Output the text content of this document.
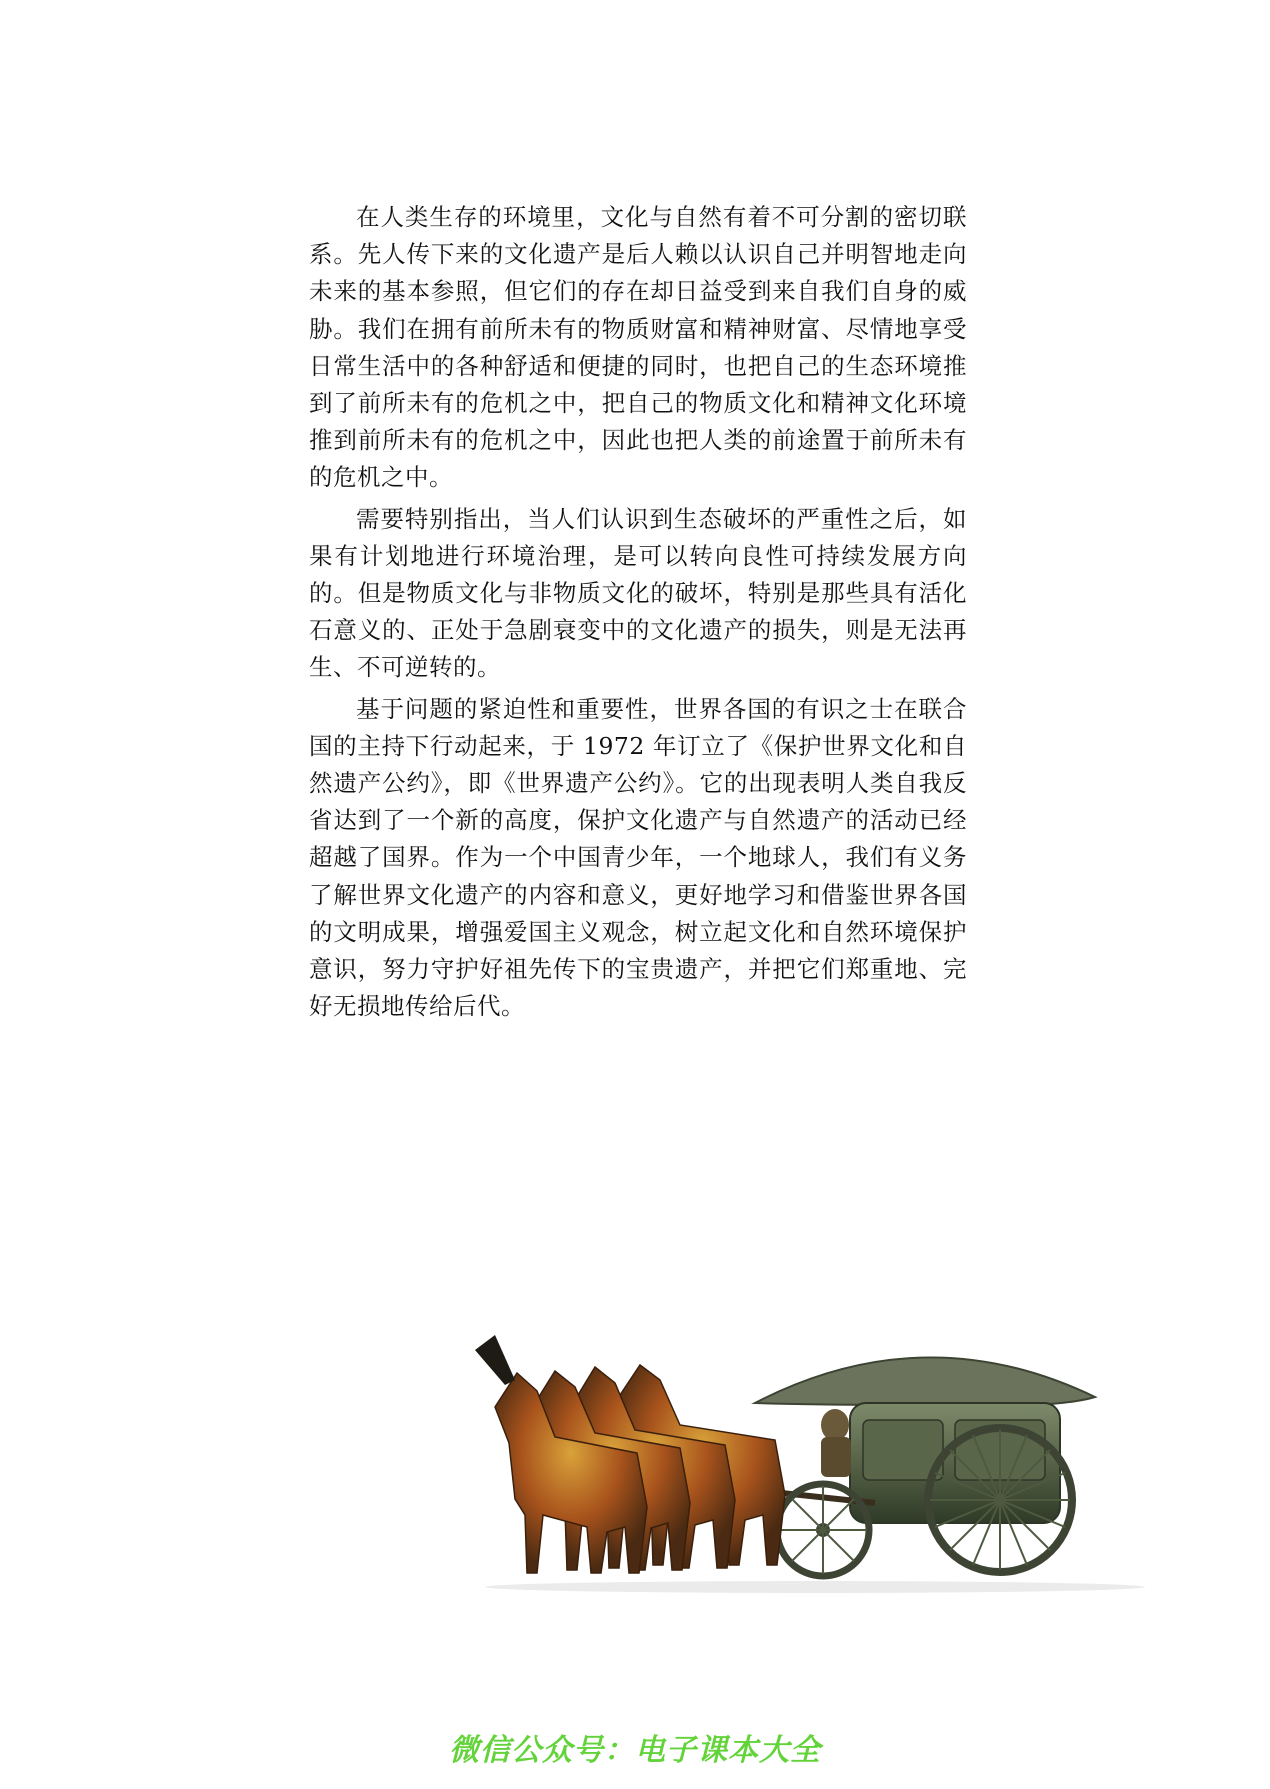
在人类生存的环境里，文化与自然有着不可分割的密切联系。先人传下来的文化遗产是后人赖以认识自己并明智地走向未来的基本参照，但它们的存在却日益受到来自我们自身的威胁。我们在拥有前所未有的物质财富和精神财富、尽情地享受日常生活中的各种舒适和便捷的同时，也把自己的生态环境推到了前所未有的危机之中，把自己的物质文化和精神文化环境推到前所未有的危机之中，因此也把人类的前途置于前所未有的危机之中。

需要特别指出，当人们认识到生态破坏的严重性之后，如果有计划地进行环境治理，是可以转向良性可持续发展方向的。但是物质文化与非物质文化的破坏，特别是那些具有活化石意义的、正处于急剧衰变中的文化遗产的损失，则是无法再生、不可逆转的。

基于问题的紧迫性和重要性，世界各国的有识之士在联合国的主持下行动起来，于 1972 年订立了《保护世界文化和自然遗产公约》，即《世界遗产公约》。它的出现表明人类自我反省达到了一个新的高度，保护文化遗产与自然遗产的活动已经超越了国界。作为一个中国青少年，一个地球人，我们有义务了解世界文化遗产的内容和意义，更好地学习和借鉴世界各国的文明成果，增强爱国主义观念，树立起文化和自然环境保护意识，努力守护好祖先传下的宝贵遗产，并把它们郑重地、完好无损地传给后代。

微信公众号：电子课本大全
